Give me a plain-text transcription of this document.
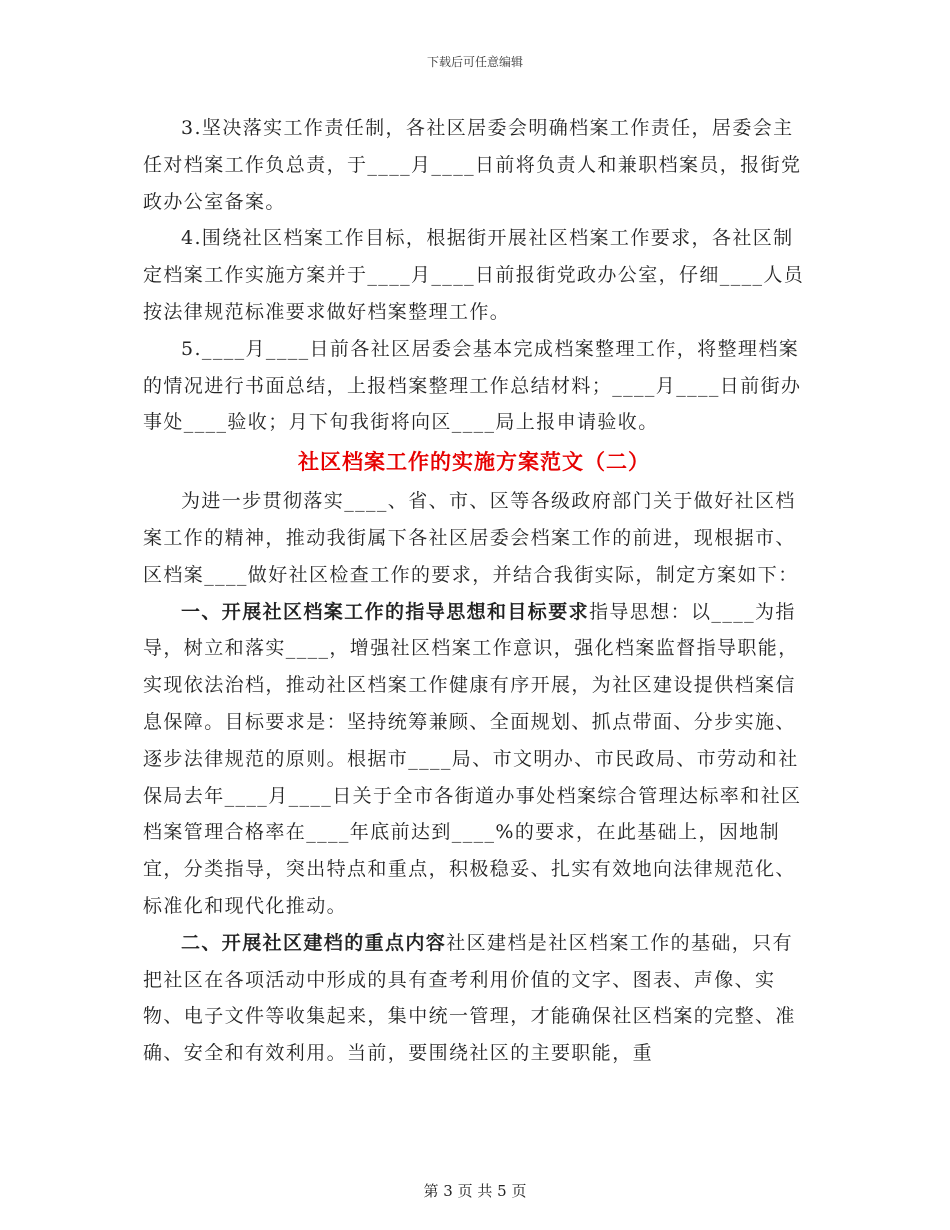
下载后可任意编辑

3.坚决落实工作责任制，各社区居委会明确档案工作责任，居委会主任对档案工作负总责，于____月____日前将负责人和兼职档案员，报街党政办公室备案。

4.围绕社区档案工作目标，根据街开展社区档案工作要求，各社区制定档案工作实施方案并于____月____日前报街党政办公室，仔细____人员按法律规范标准要求做好档案整理工作。

5.____月____日前各社区居委会基本完成档案整理工作，将整理档案的情况进行书面总结，上报档案整理工作总结材料；____月____日前街办事处____验收；月下旬我街将向区____局上报申请验收。

社区档案工作的实施方案范文（二）

为进一步贯彻落实____、省、市、区等各级政府部门关于做好社区档案工作的精神，推动我街属下各社区居委会档案工作的前进，现根据市、区档案____做好社区检查工作的要求，并结合我街实际，制定方案如下：

一、开展社区档案工作的指导思想和目标要求指导思想：以____为指导，树立和落实____，增强社区档案工作意识，强化档案监督指导职能，实现依法治档，推动社区档案工作健康有序开展，为社区建设提供档案信息保障。目标要求是：坚持统筹兼顾、全面规划、抓点带面、分步实施、逐步法律规范的原则。根据市____局、市文明办、市民政局、市劳动和社保局去年____月____日关于全市各街道办事处档案综合管理达标率和社区档案管理合格率在____年底前达到____%的要求，在此基础上，因地制宜，分类指导，突出特点和重点，积极稳妥、扎实有效地向法律规范化、标准化和现代化推动。

二、开展社区建档的重点内容社区建档是社区档案工作的基础，只有把社区在各项活动中形成的具有查考利用价值的文字、图表、声像、实物、电子文件等收集起来，集中统一管理，才能确保社区档案的完整、准确、安全和有效利用。当前，要围绕社区的主要职能，重

第 3 页 共 5 页
